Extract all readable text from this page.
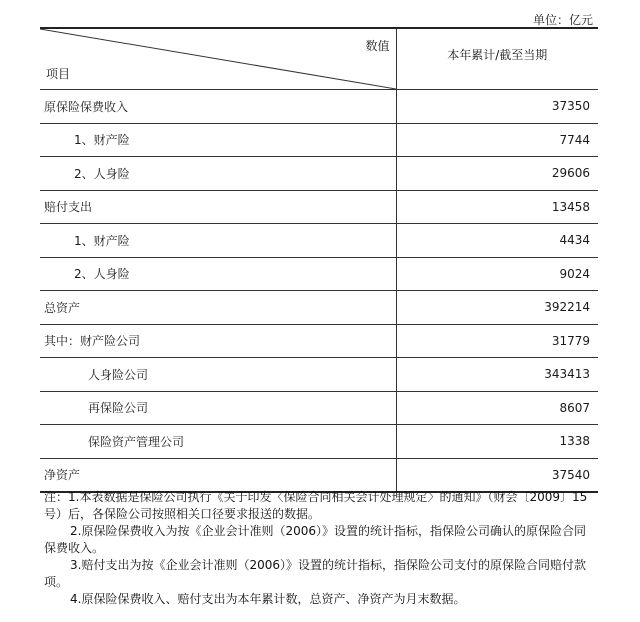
单位：亿元
数值
项目	本年累计/截至当期

原保险保费收入	37350
1、财产险	7744
2、人身险	29606
赔付支出	13458
1、财产险	4434
2、人身险	9024
总资产	392214
其中：财产险公司	31779
人身险公司	343413
再保险公司	8607
保险资产管理公司	1338
净资产	37540

注：1.本表数据是保险公司执行《关于印发〈保险合同相关会计处理规定〉的通知》（财会〔2009〕15号）后，各保险公司按照相关口径要求报送的数据。

2.原保险保费收入为按《企业会计准则（2006）》设置的统计指标，指保险公司确认的原保险合同保费收入。

3.赔付支出为按《企业会计准则（2006）》设置的统计指标，指保险公司支付的原保险合同赔付款项。

4.原保险保费收入、赔付支出为本年累计数，总资产、净资产为月末数据。
